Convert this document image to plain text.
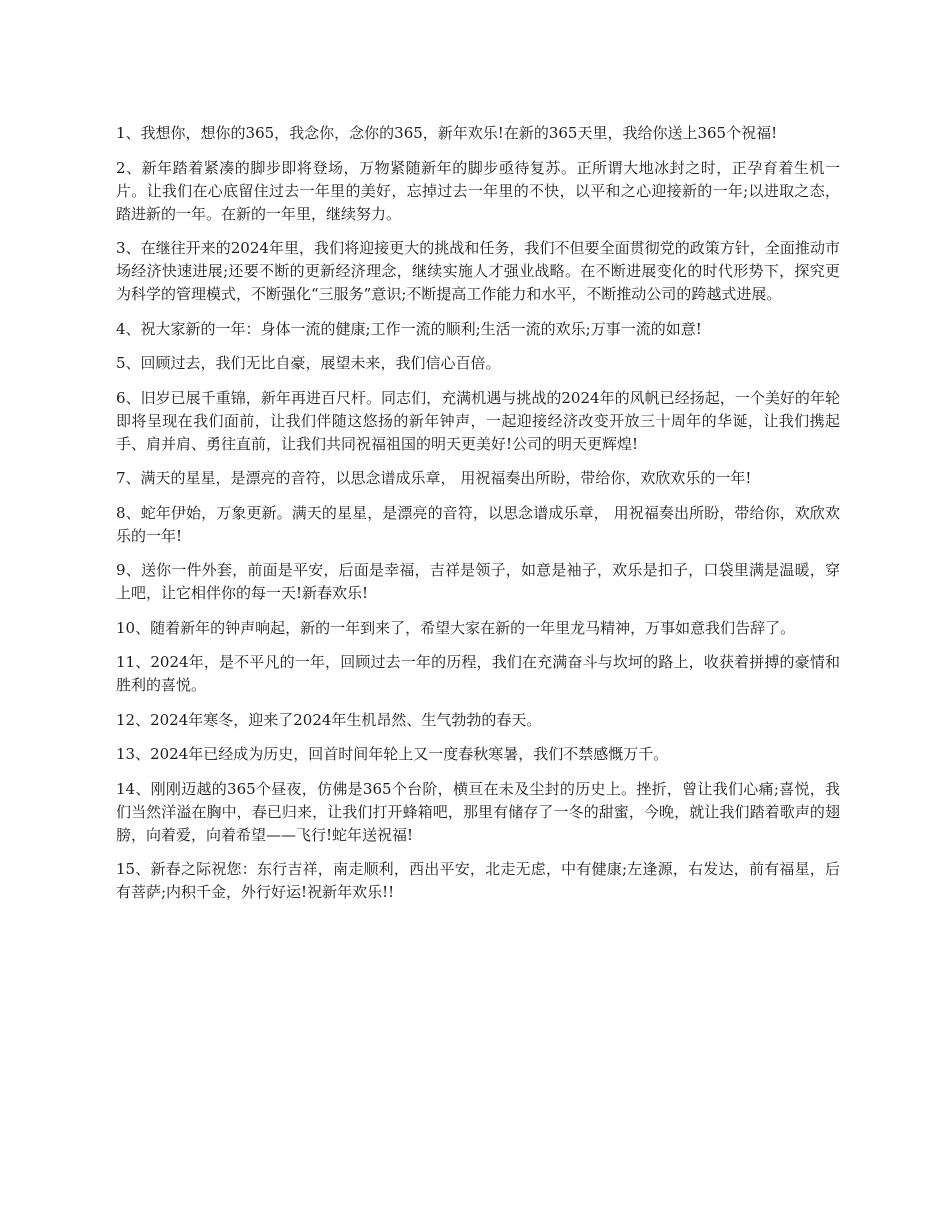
1、我想你，想你的365，我念你，念你的365，新年欢乐!在新的365天里，我给你送上365个祝福!

2、新年踏着紧凑的脚步即将登场，万物紧随新年的脚步亟待复苏。正所谓大地冰封之时，正孕育着生机一片。让我们在心底留住过去一年里的美好，忘掉过去一年里的不快，以平和之心迎接新的一年;以进取之态，踏进新的一年。在新的一年里，继续努力。

3、在继往开来的2024年里，我们将迎接更大的挑战和任务，我们不但要全面贯彻党的政策方针，全面推动市场经济快速进展;还要不断的更新经济理念，继续实施人才强业战略。在不断进展变化的时代形势下，探究更为科学的管理模式，不断强化“三服务”意识;不断提高工作能力和水平，不断推动公司的跨越式进展。

4、祝大家新的一年：身体一流的健康;工作一流的顺利;生活一流的欢乐;万事一流的如意!

5、回顾过去，我们无比自豪，展望未来，我们信心百倍。

6、旧岁已展千重锦，新年再进百尺杆。同志们，充满机遇与挑战的2024年的风帆已经扬起，一个美好的年轮即将呈现在我们面前，让我们伴随这悠扬的新年钟声，一起迎接经济改变开放三十周年的华诞，让我们携起手、肩并肩、勇往直前，让我们共同祝福祖国的明天更美好!公司的明天更辉煌!

7、满天的星星，是漂亮的音符，以思念谱成乐章， 用祝福奏出所盼，带给你，欢欣欢乐的一年!

8、蛇年伊始，万象更新。满天的星星，是漂亮的音符，以思念谱成乐章， 用祝福奏出所盼，带给你，欢欣欢乐的一年!

9、送你一件外套，前面是平安，后面是幸福，吉祥是领子，如意是袖子，欢乐是扣子，口袋里满是温暖，穿上吧，让它相伴你的每一天!新春欢乐!

10、随着新年的钟声响起，新的一年到来了，希望大家在新的一年里龙马精神，万事如意我们告辞了。

11、2024年，是不平凡的一年，回顾过去一年的历程，我们在充满奋斗与坎坷的路上，收获着拼搏的豪情和胜利的喜悦。

12、2024年寒冬，迎来了2024年生机昂然、生气勃勃的春天。

13、2024年已经成为历史，回首时间年轮上又一度春秋寒暑，我们不禁感慨万千。

14、刚刚迈越的365个昼夜，仿佛是365个台阶，横亘在未及尘封的历史上。挫折，曾让我们心痛;喜悦，我们当然洋溢在胸中，春已归来，让我们打开蜂箱吧，那里有储存了一冬的甜蜜，今晚，就让我们踏着歌声的翅膀，向着爱，向着希望——飞行!蛇年送祝福!

15、新春之际祝您：东行吉祥，南走顺利，西出平安，北走无虑，中有健康;左逢源，右发达，前有福星，后有菩萨;内积千金，外行好运!祝新年欢乐!!
